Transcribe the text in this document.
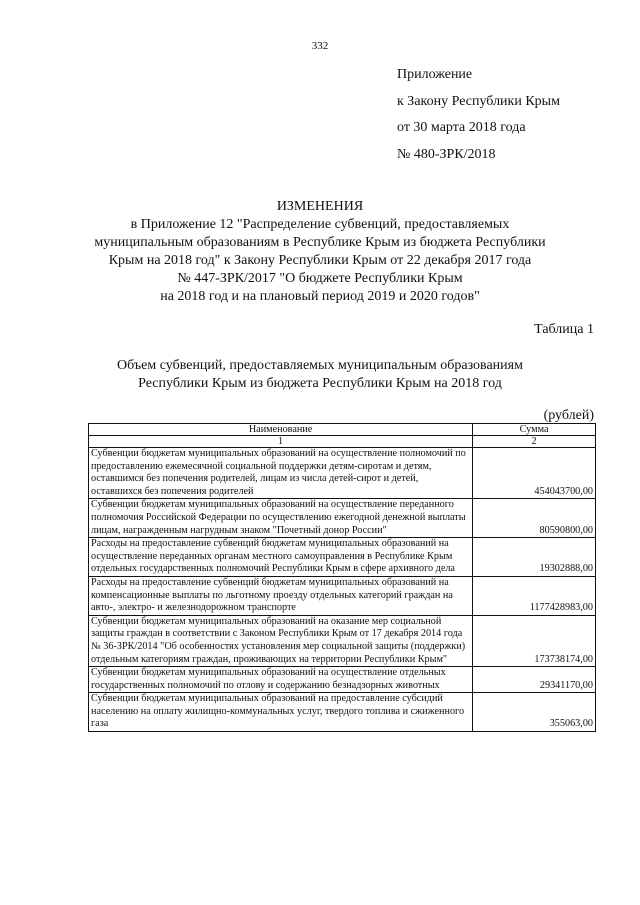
332
Приложение
к Закону Республики Крым
от 30 марта 2018 года
№ 480-ЗРК/2018
ИЗМЕНЕНИЯ
в Приложение 12 "Распределение субвенций, предоставляемых
муниципальным образованиям в Республике Крым из бюджета Республики
Крым на 2018 год" к Закону Республики Крым от 22 декабря 2017 года
№ 447-ЗРК/2017 "О бюджете Республики Крым
на 2018 год и на плановый период 2019 и 2020 годов"
Таблица 1
Объем субвенций, предоставляемых муниципальным образованиям
Республики Крым из бюджета Республики Крым на 2018 год
(рублей)
Наименование	Сумма
1	2
Субвенции бюджетам муниципальных образований на осуществление полномочий по предоставлению ежемесячной социальной поддержки детям-сиротам и детям, оставшимся без попечения родителей, лицам из числа детей-сирот и детей, оставшихся без попечения родителей	454043700,00
Субвенции бюджетам муниципальных образований на осуществление переданного полномочия Российской Федерации по осуществлению ежегодной денежной выплаты лицам, награжденным нагрудным знаком "Почетный донор России"	80590800,00
Расходы на предоставление субвенций бюджетам муниципальных образований на осуществление переданных органам местного самоуправления в Республике Крым отдельных государственных полномочий Республики Крым в сфере архивного дела	19302888,00
Расходы на предоставление субвенций бюджетам муниципальных образований на компенсационные выплаты по льготному проезду отдельных категорий граждан на авто-, электро- и железнодорожном транспорте	1177428983,00
Субвенции бюджетам муниципальных образований на оказание мер социальной защиты граждан в соответствии с Законом Республики Крым от 17 декабря 2014 года № 36-ЗРК/2014 "Об особенностях установления мер социальной защиты (поддержки) отдельным категориям граждан, проживающих на территории Республики Крым"	173738174,00
Субвенции бюджетам муниципальных образований на осуществление отдельных государственных полномочий по отлову и содержанию безнадзорных животных	29341170,00
Субвенции бюджетам муниципальных образований на предоставление субсидий населению на оплату жилищно-коммунальных услуг, твердого топлива и сжиженного газа	355063,00
